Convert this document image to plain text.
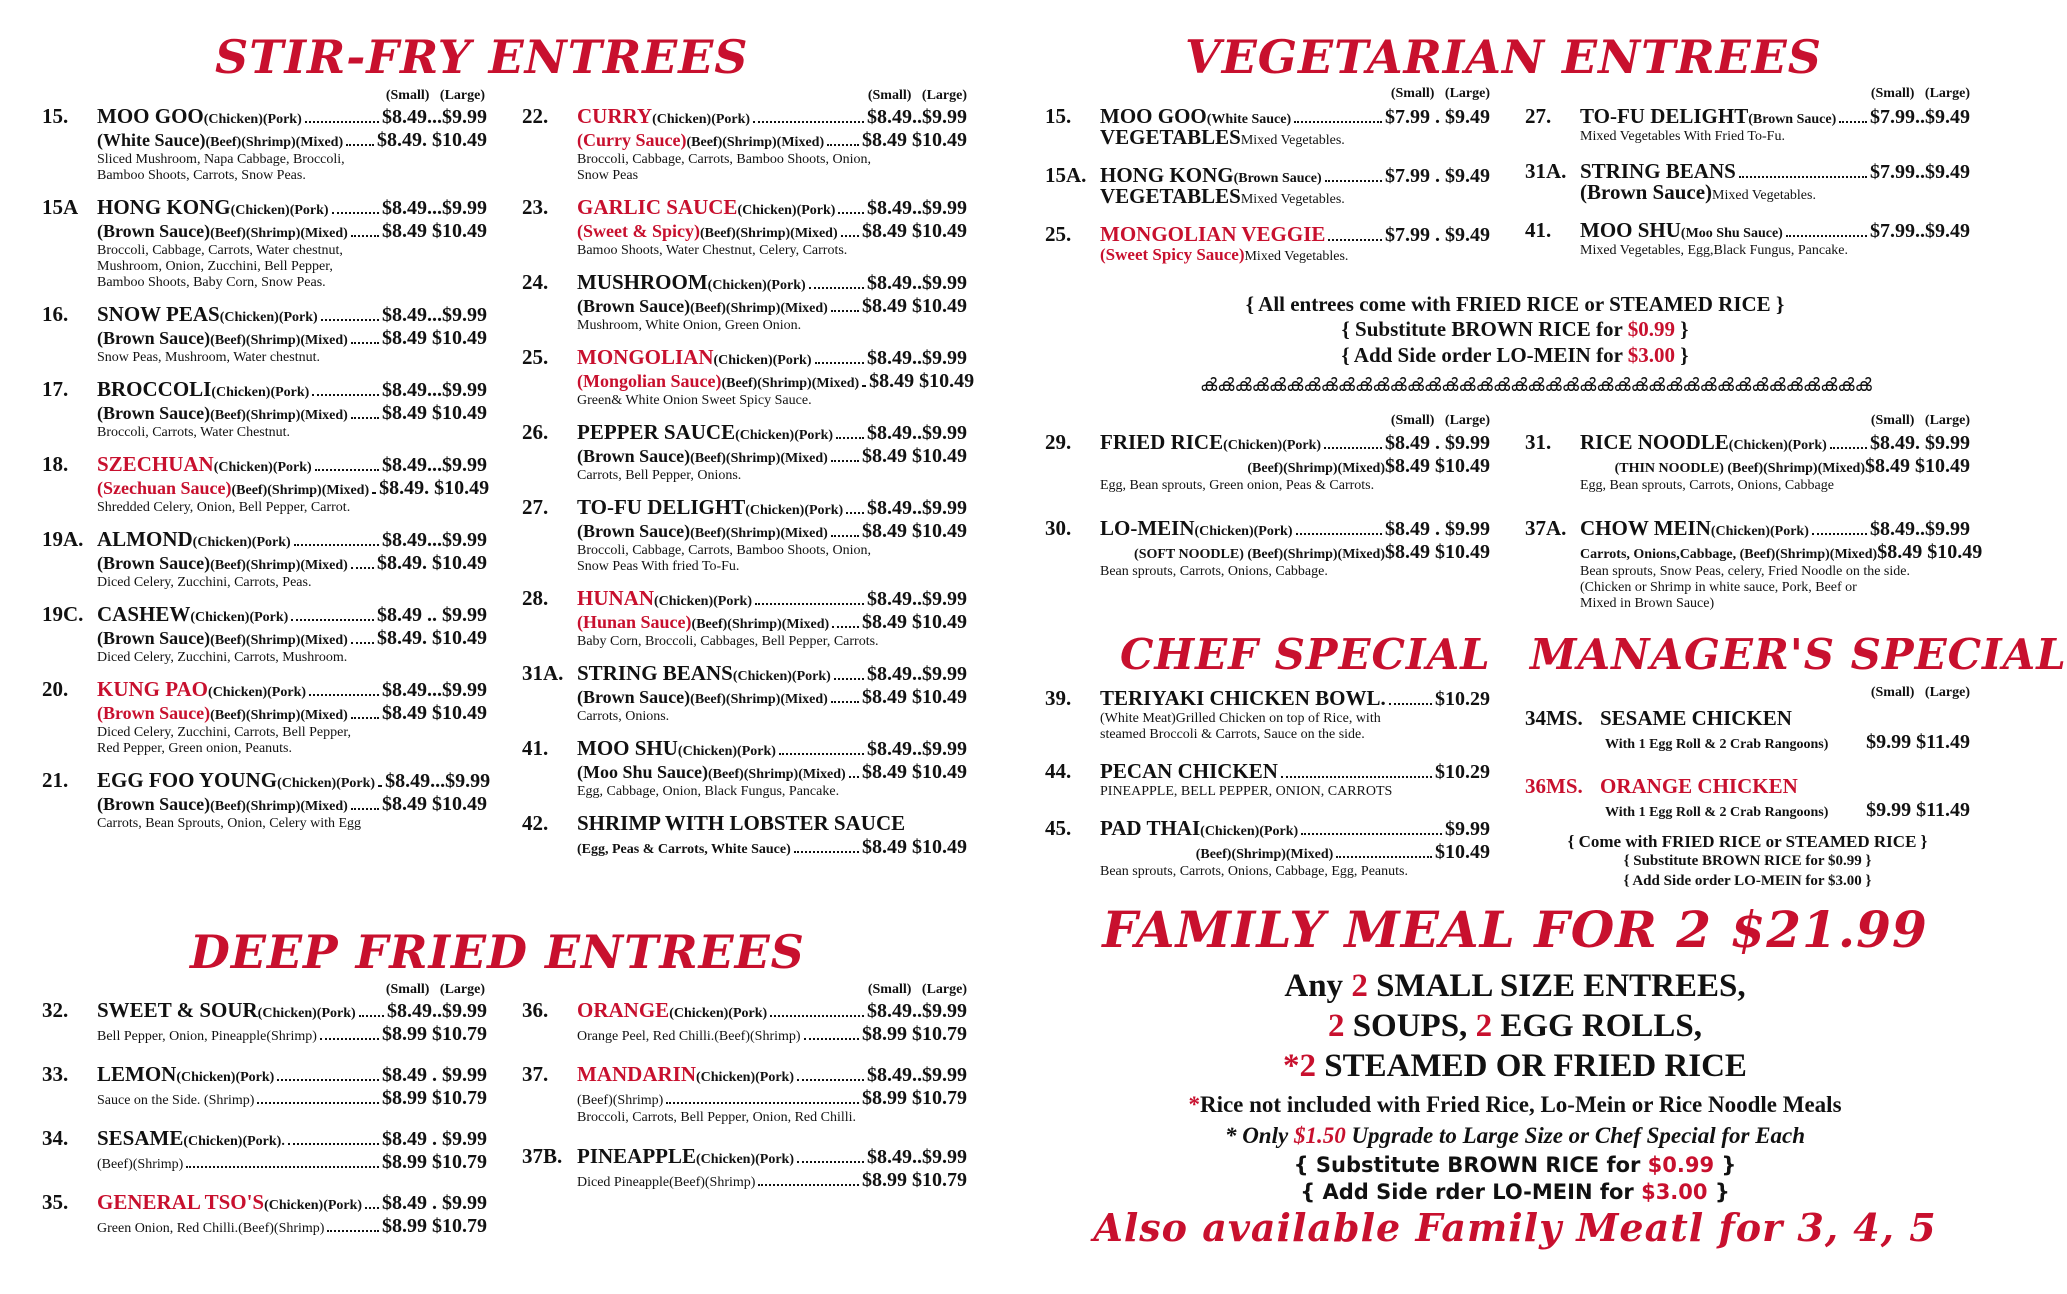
STIR-FRY ENTREES	VEGETARIAN ENTREES
DEEP FRIED ENTREES
CHEF SPECIAL MANAGER'S SPECIAL
(Small) (Large)	(Small) (Large)	(Small) (Large)	(Small) (Large)
(Small) (Large)	(Small) (Large)
(Small) (Large)
(Small) (Large)	(Small) (Large)
15.	MOO GOO (Chicken)(Pork)	$8.49...$9.99
(White Sauce) (Beef)(Shrimp)(Mixed) $8.49. $10.49
Sliced Mushroom, Napa Cabbage, Broccoli,
Bamboo Shoots, Carrots, Snow Peas.
15A HONG KONG (Chicken)(Pork)	$8.49...$9.99
(Brown Sauce) (Beef)(Shrimp)(Mixed) $8.49 $10.49
Broccoli, Cabbage, Carrots, Water chestnut,
Mushroom, Onion, Zucchini, Bell Pepper,
Bamboo Shoots, Baby Corn, Snow Peas.
16.	SNOW PEAS (Chicken)(Pork)	$8.49...$9.99
(Brown Sauce) (Beef)(Shrimp)(Mixed) $8.49 $10.49
Snow Peas, Mushroom, Water chestnut.
17.	BROCCOLI (Chicken)(Pork)	$8.49...$9.99
(Brown Sauce) (Beef)(Shrimp)(Mixed) $8.49 $10.49
Broccoli, Carrots, Water Chestnut.
18.	SZECHUAN (Chicken)(Pork)	$8.49...$9.99
(Szechuan Sauce) (Beef)(Shrimp)(Mixed) $8.49. $10.49
Shredded Celery, Onion, Bell Pepper, Carrot.
19A. ALMOND (Chicken)(Pork)	$8.49...$9.99
(Brown Sauce) (Beef)(Shrimp)(Mixed) $8.49. $10.49
Diced Celery, Zucchini, Carrots, Peas.
19C. CASHEW (Chicken)(Pork)	$8.49 .. $9.99
(Brown Sauce) (Beef)(Shrimp)(Mixed) $8.49. $10.49
Diced Celery, Zucchini, Carrots, Mushroom.
20.	KUNG PAO (Chicken)(Pork)	$8.49...$9.99
(Brown Sauce) (Beef)(Shrimp)(Mixed) $8.49 $10.49
Diced Celery, Zucchini, Carrots, Bell Pepper,
Red Pepper, Green onion, Peanuts.
21.	EGG FOO YOUNG (Chicken)(Pork) $8.49...$9.99
(Brown Sauce) (Beef)(Shrimp)(Mixed) $8.49 $10.49
Carrots, Bean Sprouts, Onion, Celery with Egg
22.	CURRY (Chicken)(Pork)	$8.49..$9.99
(Curry Sauce) (Beef)(Shrimp)(Mixed) $8.49 $10.49
Broccoli, Cabbage, Carrots, Bamboo Shoots, Onion,
Snow Peas
23.	GARLIC SAUCE (Chicken)(Pork) $8.49..$9.99
(Sweet & Spicy) (Beef)(Shrimp)(Mixed) $8.49 $10.49
Bamoo Shoots, Water Chestnut, Celery, Carrots.
24.	MUSHROOM (Chicken)(Pork)	$8.49..$9.99
(Brown Sauce) (Beef)(Shrimp)(Mixed) $8.49 $10.49
Mushroom, White Onion, Green Onion.
25.	MONGOLIAN (Chicken)(Pork)	$8.49..$9.99
(Mongolian Sauce) (Beef)(Shrimp)(Mixed) $8.49 $10.49
Green& White Onion Sweet Spicy Sauce.
26.	PEPPER SAUCE (Chicken)(Pork) $8.49..$9.99
(Brown Sauce) (Beef)(Shrimp)(Mixed) $8.49 $10.49
Carrots, Bell Pepper, Onions.
27.	TO-FU DELIGHT (Chicken)(Pork) $8.49..$9.99
(Brown Sauce) (Beef)(Shrimp)(Mixed) $8.49 $10.49
Broccoli, Cabbage, Carrots, Bamboo Shoots, Onion,
Snow Peas With fried To-Fu.
28.	HUNAN (Chicken)(Pork)	$8.49..$9.99
(Hunan Sauce) (Beef)(Shrimp)(Mixed) $8.49 $10.49
Baby Corn, Broccoli, Cabbages, Bell Pepper, Carrots.
31A. STRING BEANS (Chicken)(Pork) $8.49..$9.99
(Brown Sauce) (Beef)(Shrimp)(Mixed) $8.49 $10.49
Carrots, Onions.
41.	MOO SHU (Chicken)(Pork)	$8.49..$9.99
(Moo Shu Sauce) (Beef)(Shrimp)(Mixed) $8.49 $10.49
Egg, Cabbage, Onion, Black Fungus, Pancake.
42.	SHRIMP WITH LOBSTER SAUCE
(Egg, Peas & Carrots, White Sauce)	$8.49 $10.49
32.	SWEET & SOUR (Chicken)(Pork) $8.49..$9.99
Bell Pepper, Onion, Pineapple(Shrimp)	$8.99 $10.79
33.	LEMON (Chicken)(Pork)	$8.49 . $9.99
Sauce on the Side. (Shrimp)	$8.99 $10.79
34.	SESAME (Chicken)(Pork).	$8.49 . $9.99
(Beef)(Shrimp)	$8.99 $10.79
35.	GENERAL TSO'S (Chicken)(Pork) $8.49 . $9.99
Green Onion, Red Chilli.(Beef)(Shrimp)	$8.99 $10.79
36.	ORANGE (Chicken)(Pork)	$8.49..$9.99
Orange Peel, Red Chilli.(Beef)(Shrimp)	$8.99 $10.79
37.	MANDARIN (Chicken)(Pork)	$8.49..$9.99
(Beef)(Shrimp)	$8.99 $10.79
Broccoli, Carrots, Bell Pepper, Onion, Red Chilli.
37B. PINEAPPLE (Chicken)(Pork)	$8.49..$9.99
Diced Pineapple(Beef)(Shrimp)	$8.99 $10.79
15.	MOO GOO (White Sauce)	$7.99 . $9.49
VEGETABLESMixed Vegetables.
15A. HONG KONG (Brown Sauce)	$7.99 . $9.49
VEGETABLESMixed Vegetables.
25.	MONGOLIAN VEGGIE	$7.99 . $9.49
(Sweet Spicy Sauce)Mixed Vegetables.
27.	TO-FU DELIGHT (Brown Sauce) $7.99..$9.49
Mixed Vegetables With Fried To-Fu.
31A. STRING BEANS	$7.99..$9.49
(Brown Sauce)Mixed Vegetables.
41.	MOO SHU (Moo Shu Sauce)	$7.99..$9.49
Mixed Vegetables, Egg,Black Fungus, Pancake.
{ All entrees come with FRIED RICE or STEAMED RICE }
{ Substitute BROWN RICE for $0.99 }
{ Add Side order LO-MEIN for $3.00 }
ൿൿൿൿൿൿൿൿൿൿൿൿൿൿൿൿൿൿൿൿൿൿൿൿൿൿൿൿൿൿൿൿൿൿൿൿൿൿൿ
29.	FRIED RICE (Chicken)(Pork)	$8.49 . $9.99
(Beef)(Shrimp)(Mixed) $8.49 $10.49
Egg, Bean sprouts, Green onion, Peas & Carrots.
30.	LO-MEIN (Chicken)(Pork)	$8.49 . $9.99
(SOFT NOODLE) (Beef)(Shrimp)(Mixed) $8.49 $10.49
Bean sprouts, Carrots, Onions, Cabbage.
31.	RICE NOODLE (Chicken)(Pork) $8.49. $9.99
(THIN NOODLE) (Beef)(Shrimp)(Mixed) $8.49 $10.49
Egg, Bean sprouts, Carrots, Onions, Cabbage
37A. CHOW MEIN (Chicken)(Pork)	$8.49..$9.99
Carrots, Onions,Cabbage, (Beef)(Shrimp)(Mixed) $8.49 $10.49
Bean sprouts, Snow Peas, celery, Fried Noodle on the side.
(Chicken or Shrimp in white sauce, Pork, Beef or
Mixed in Brown Sauce)
39.	TERIYAKI CHICKEN BOWL. $10.29
(White Meat)Grilled Chicken on top of Rice, with
steamed Broccoli & Carrots, Sauce on the side.
44.	PECAN CHICKEN	$10.29
PINEAPPLE, BELL PEPPER, ONION, CARROTS
45.	PAD THAI (Chicken)(Pork)	$9.99
(Beef)(Shrimp)(Mixed)	$10.49
Bean sprouts, Carrots, Onions, Cabbage, Egg, Peanuts.
34MS. SESAME CHICKEN
With 1 Egg Roll & 2 Crab Rangoons) $9.99 $11.49
36MS. ORANGE CHICKEN
With 1 Egg Roll & 2 Crab Rangoons) $9.99 $11.49
{ Come with FRIED RICE or STEAMED RICE }
{ Substitute BROWN RICE for $0.99 }
{ Add Side order LO-MEIN for $3.00 }
FAMILY MEAL FOR 2 $21.99
Any 2 SMALL SIZE ENTREES,
2 SOUPS, 2 EGG ROLLS,
*2 STEAMED OR FRIED RICE
*Rice not included with Fried Rice, Lo-Mein or Rice Noodle Meals
* Only $1.50 Upgrade to Large Size or Chef Special for Each
{ Substitute BROWN RICE for $0.99 }
{ Add Side rder LO-MEIN for $3.00 }
Also available Family Meatl for 3, 4, 5
